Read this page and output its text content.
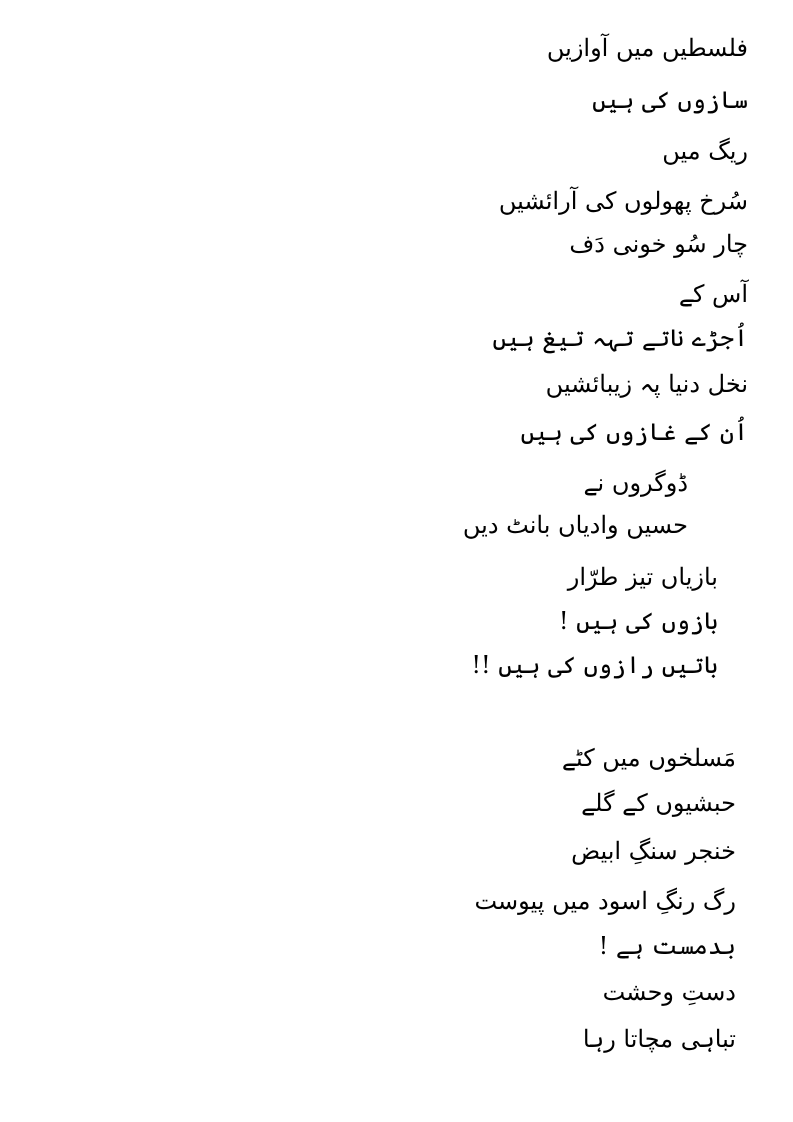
فلسطیں میں آوازیں
سازوں کی ہیں
ریگ میں
سُرخ پھولوں کی آرائشیں
چار سُو خونی دَف
آس کے
اُجڑے ناتے تہہ تیغ ہیں
نخل دنیا پہ زیبائشیں
اُن کے غازوں کی ہیں
ڈوگروں نے
حسیں وادیاں بانٹ دیں
بازیاں تیز طرّار
بازوں کی ہیں !
باتیں رازوں کی ہیں !!
مَسلخوں میں کٹے
حبشیوں کے گلے
خنجر سنگِ ابیض
رگ رنگِ اسود میں پیوست
بدمست ہے !
دستِ وحشت
تباہی مچاتا رہا
